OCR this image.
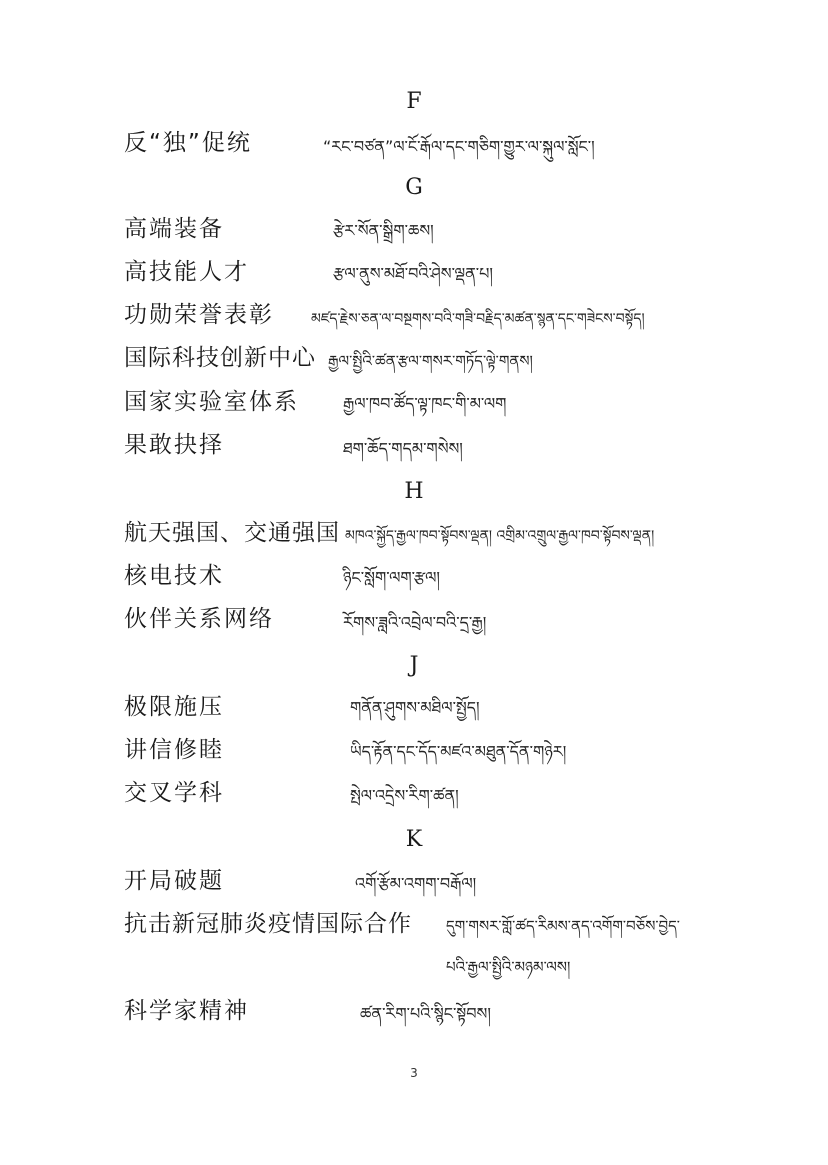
F
反“独”促统	“རང་བཙན”ལ་ངོ་རྒོལ་དང་གཅིག་གྱུར་ལ་སྐུལ་སློང་།
G
高端装备	རྩེར་སོན་སྒྲིག་ཆས།
高技能人才	རྩལ་ནུས་མཐོ་བའི་ཤེས་ལྡན་པ།
功勋荣誉表彰	མཛད་རྗེས་ཅན་ལ་བསྔགས་བའི་གཟི་བརྗིད་མཚན་སྙན་དང་གཟེངས་བསྟོད།
国际科技创新中心 རྒྱལ་སྤྱིའི་ཚན་རྩལ་གསར་གཏོད་ལྟེ་གནས།
国家实验室体系	རྒྱལ་ཁབ་ཚོད་ལྟ་ཁང་གི་མ་ལག
果敢抉择	ཐག་ཆོད་གདམ་གསེས།
H
航天强国、交通强国 མཁའ་སྐྱོད་རྒྱལ་ཁབ་སྟོབས་ལྡན། འགྲིམ་འགྲུལ་རྒྱལ་ཁབ་སྟོབས་ལྡན།
核电技术	ཉིང་སློག་ལག་རྩལ།
伙伴关系网络	རོགས་ཟླའི་འབྲེལ་བའི་དྲ་རྒྱ།
J
极限施压	གནོན་ཤུགས་མཐིལ་སྤྱོད།
讲信修睦	ཡིད་རྟོན་དང་དོད་མཛའ་མཐུན་དོན་གཉེར།
交叉学科	སྤེལ་འདྲེས་རིག་ཚན།
K
开局破题	འགོ་རྩོམ་འགག་བརྒོལ།
抗击新冠肺炎疫情国际合作 དུག་གསར་གློ་ཚད་རིམས་ནད་འགོག་བཅོས་བྱེད་
པའི་རྒྱལ་སྤྱིའི་མཉམ་ལས།
科学家精神	ཚན་རིག་པའི་སྙིང་སྟོབས།
3
